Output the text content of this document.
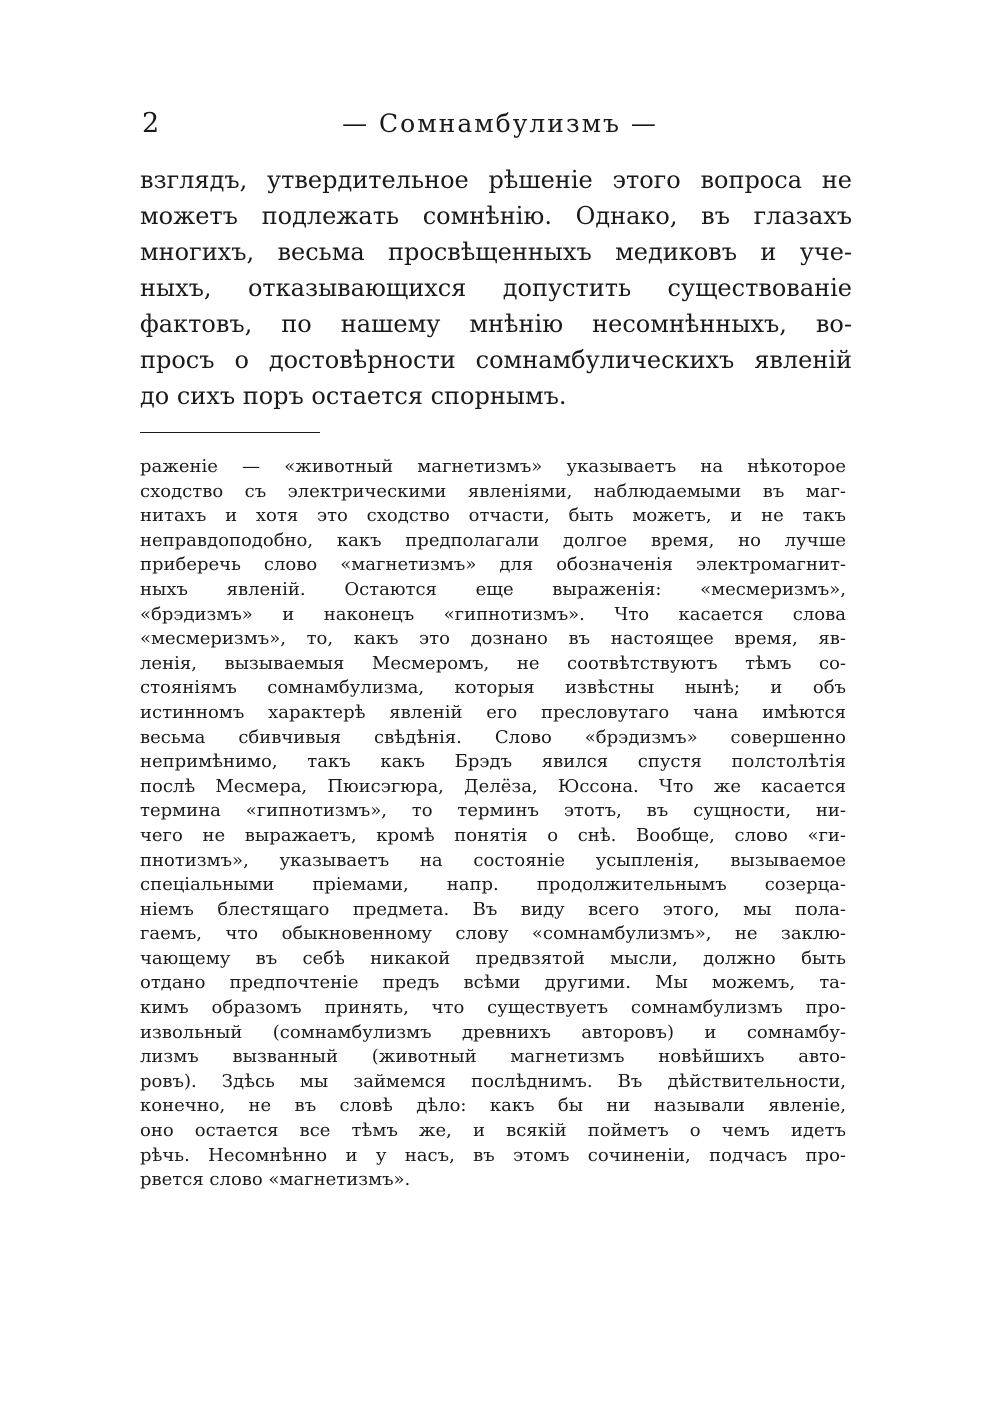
2	— Сомнамбулизмъ —
взглядъ, утвердительное рѣшеніе этого вопроса не
можетъ подлежать сомнѣнію. Однако, въ глазахъ
многихъ, весьма просвѣщенныхъ медиковъ и уче-
ныхъ, отказывающихся допустить существованіе
фактовъ, по нашему мнѣнію несомнѣнныхъ, во-
просъ о достовѣрности сомнамбулическихъ явленій
до сихъ поръ остается спорнымъ.
раженіе — «животный магнетизмъ» указываетъ на нѣкоторое
сходство съ электрическими явленіями, наблюдаемыми въ маг-
нитахъ и хотя это сходство отчасти, быть можетъ, и не такъ
неправдоподобно, какъ предполагали долгое время, но лучше
приберечь слово «магнетизмъ» для обозначенія электромагнит-
ныхъ явленій. Остаются еще выраженія: «месмеризмъ»,
«брэдизмъ» и наконецъ «гипнотизмъ». Что касается слова
«месмеризмъ», то, какъ это дознано въ настоящее время, яв-
ленія, вызываемыя Месмеромъ, не соотвѣтствуютъ тѣмъ со-
стояніямъ сомнамбулизма, которыя извѣстны нынѣ; и объ
истинномъ характерѣ явленій его пресловутаго чана имѣются
весьма сбивчивыя свѣдѣнія. Слово «брэдизмъ» совершенно
непримѣнимо, такъ какъ Брэдъ явился спустя полстолѣтія
послѣ Месмера, Пюисэгюра, Делёза, Юссона. Что же касается
термина «гипнотизмъ», то терминъ этотъ, въ сущности, ни-
чего не выражаетъ, кромѣ понятія о снѣ. Вообще, слово «ги-
пнотизмъ», указываетъ на состояніе усыпленія, вызываемое
спеціальными пріемами, напр. продолжительнымъ созерца-
ніемъ блестящаго предмета. Въ виду всего этого, мы пола-
гаемъ, что обыкновенному слову «сомнамбулизмъ», не заклю-
чающему въ себѣ никакой предвзятой мысли, должно быть
отдано предпочтеніе предъ всѣми другими. Мы можемъ, та-
кимъ образомъ принять, что существуетъ сомнамбулизмъ про-
извольный (сомнамбулизмъ древнихъ авторовъ) и сомнамбу-
лизмъ вызванный (животный магнетизмъ новѣйшихъ авто-
ровъ). Здѣсь мы займемся послѣднимъ. Въ дѣйствительности,
конечно, не въ словѣ дѣло: какъ бы ни называли явленіе,
оно остается все тѣмъ же, и всякій пойметъ о чемъ идетъ
рѣчь. Несомнѣнно и у насъ, въ этомъ сочиненіи, подчасъ про-
рвется слово «магнетизмъ».
